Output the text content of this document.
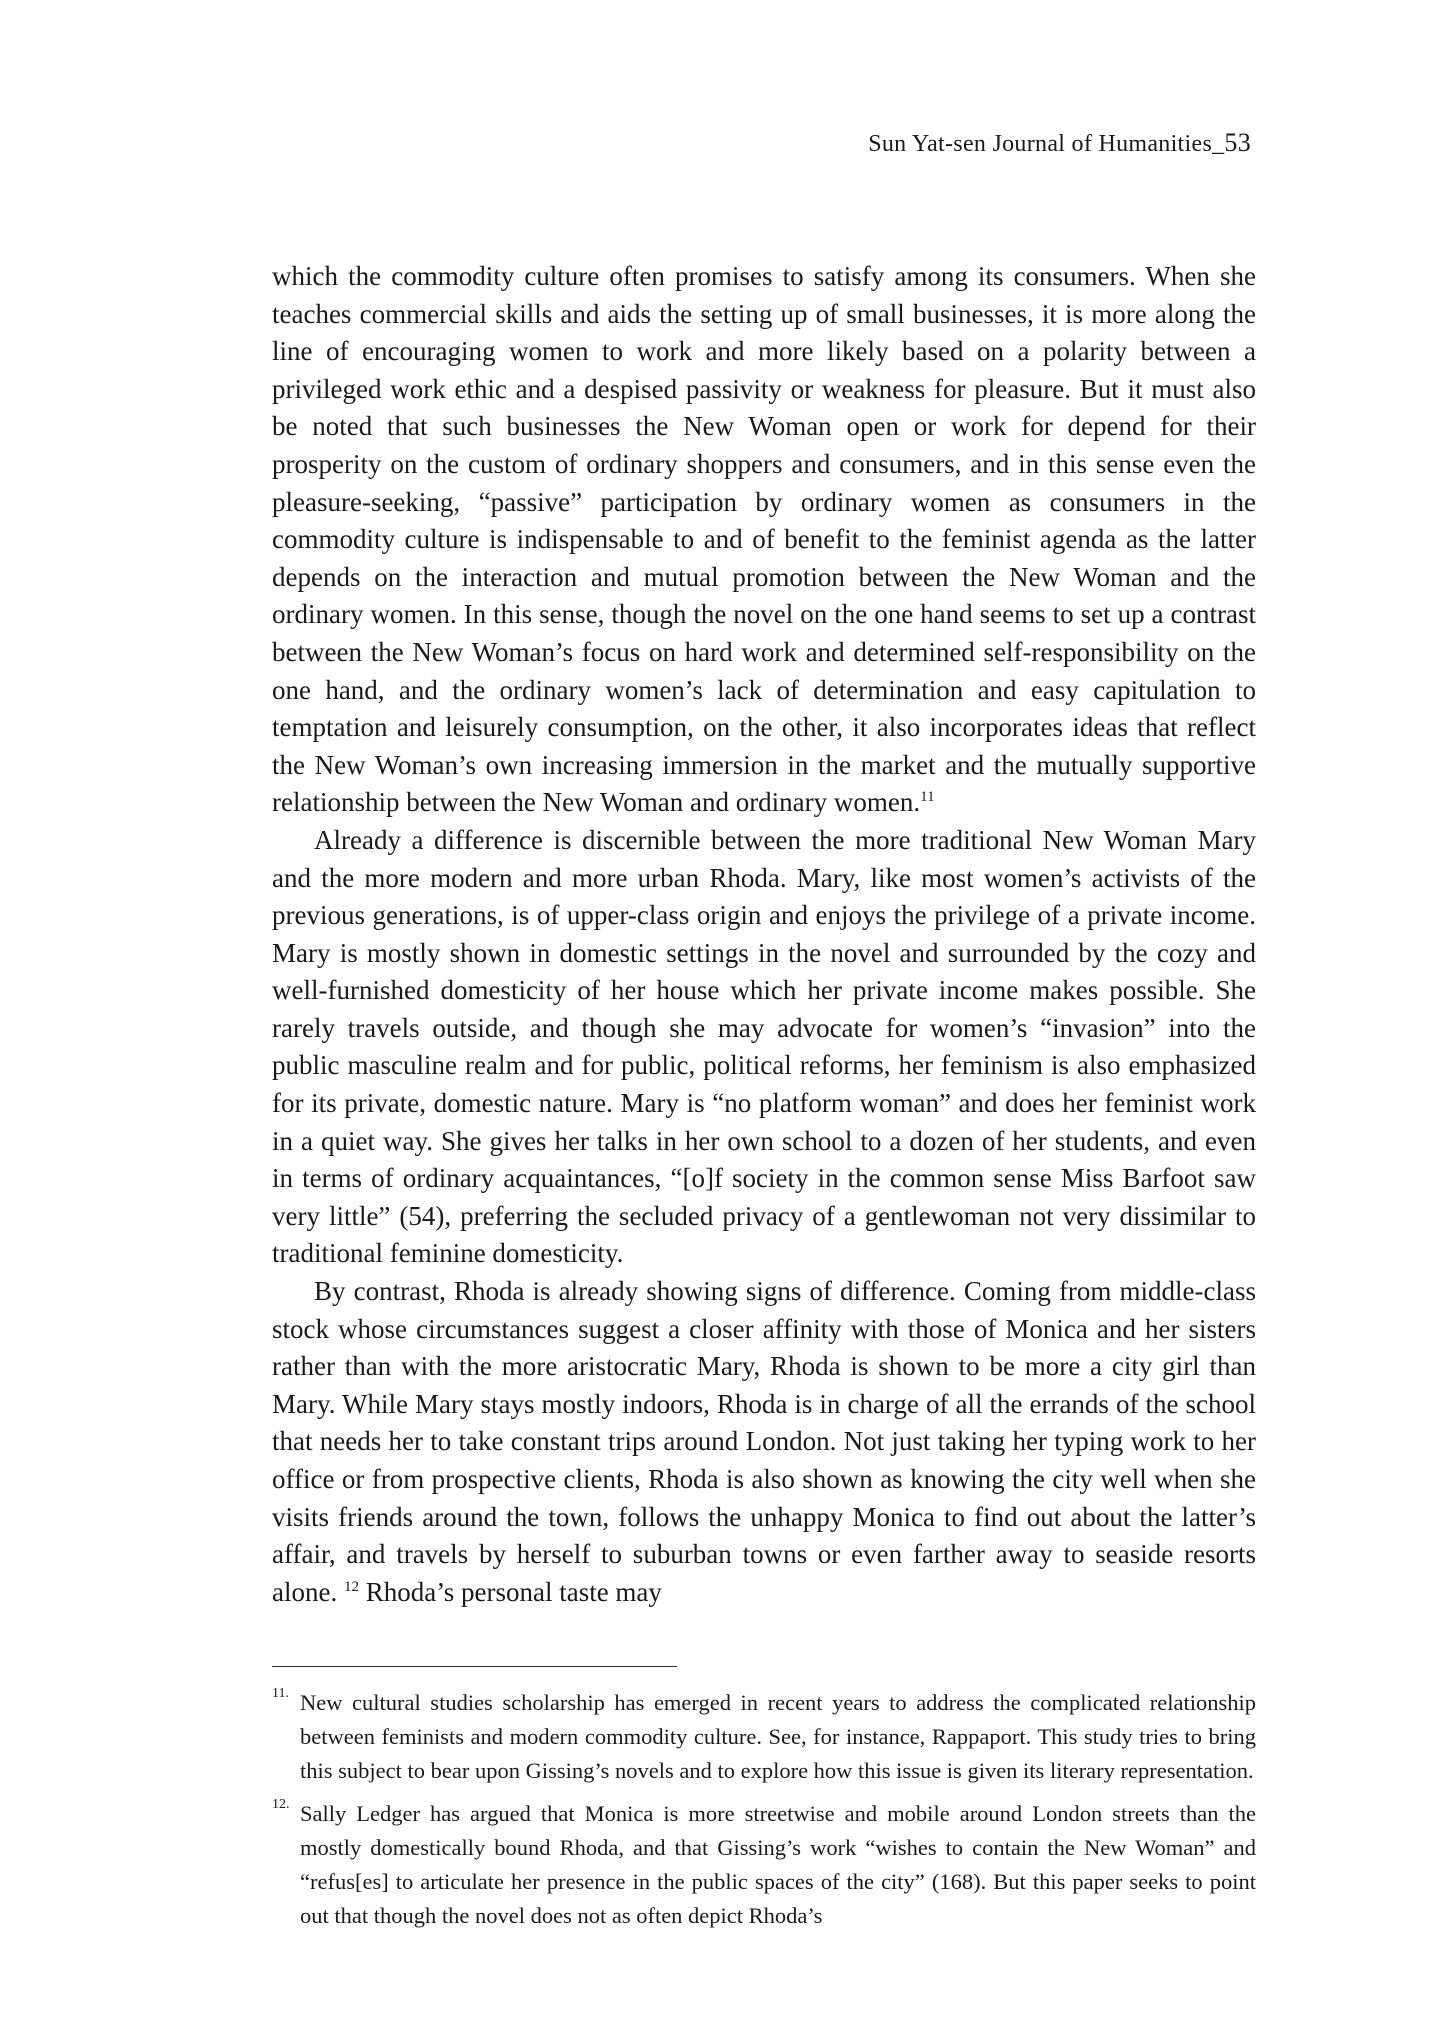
Sun Yat-sen Journal of Humanities_53

which the commodity culture often promises to satisfy among its consumers. When she teaches commercial skills and aids the setting up of small businesses, it is more along the line of encouraging women to work and more likely based on a polarity between a privileged work ethic and a despised passivity or weakness for pleasure. But it must also be noted that such businesses the New Woman open or work for depend for their prosperity on the custom of ordinary shoppers and consumers, and in this sense even the pleasure-seeking, “passive” participation by ordinary women as consumers in the commodity culture is indispensable to and of benefit to the feminist agenda as the latter depends on the interaction and mutual promotion between the New Woman and the ordinary women. In this sense, though the novel on the one hand seems to set up a contrast between the New Woman’s focus on hard work and determined self-responsibility on the one hand, and the ordinary women’s lack of determination and easy capitulation to temptation and leisurely consumption, on the other, it also incorporates ideas that reflect the New Woman’s own increasing immersion in the market and the mutually supportive relationship between the New Woman and ordinary women.$^{11}$

Already a difference is discernible between the more traditional New Woman Mary and the more modern and more urban Rhoda. Mary, like most women’s activists of the previous generations, is of upper-class origin and enjoys the privilege of a private income. Mary is mostly shown in domestic settings in the novel and surrounded by the cozy and well-furnished domesticity of her house which her private income makes possible. She rarely travels outside, and though she may advocate for women’s “invasion” into the public masculine realm and for public, political reforms, her feminism is also emphasized for its private, domestic nature. Mary is “no platform woman” and does her feminist work in a quiet way. She gives her talks in her own school to a dozen of her students, and even in terms of ordinary acquaintances, “[o]f society in the common sense Miss Barfoot saw very little” (54), preferring the secluded privacy of a gentlewoman not very dissimilar to traditional feminine domesticity.

By contrast, Rhoda is already showing signs of difference. Coming from middle-class stock whose circumstances suggest a closer affinity with those of Monica and her sisters rather than with the more aristocratic Mary, Rhoda is shown to be more a city girl than Mary. While Mary stays mostly indoors, Rhoda is in charge of all the errands of the school that needs her to take constant trips around London. Not just taking her typing work to her office or from prospective clients, Rhoda is also shown as knowing the city well when she visits friends around the town, follows the unhappy Monica to find out about the latter’s affair, and travels by herself to suburban towns or even farther away to seaside resorts alone. $^{12}$ Rhoda’s personal taste may

11. New cultural studies scholarship has emerged in recent years to address the complicated relationship between feminists and modern commodity culture. See, for instance, Rappaport. This study tries to bring this subject to bear upon Gissing’s novels and to explore how this issue is given its literary representation.
12. Sally Ledger has argued that Monica is more streetwise and mobile around London streets than the mostly domestically bound Rhoda, and that Gissing’s work “wishes to contain the New Woman” and “refus[es] to articulate her presence in the public spaces of the city” (168). But this paper seeks to point out that though the novel does not as often depict Rhoda’s
